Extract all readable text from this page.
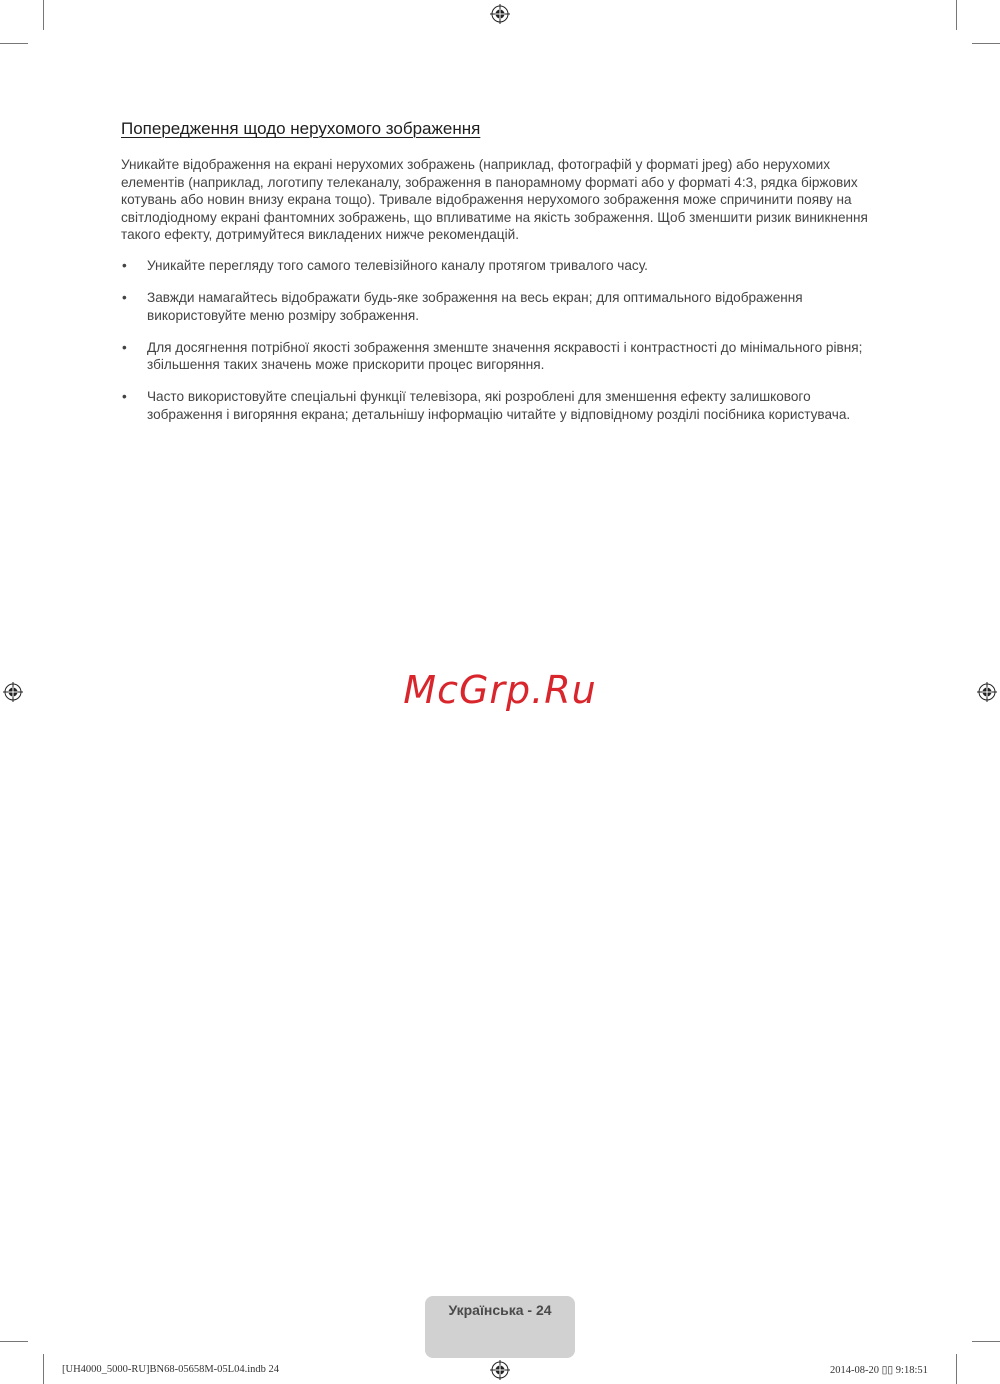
Попередження щодо нерухомого зображення

Уникайте відображення на екрані нерухомих зображень (наприклад, фотографій у форматі jpeg) або нерухомих елементів (наприклад, логотипу телеканалу, зображення в панорамному форматі або у форматі 4:3, рядка біржових котувань або новин внизу екрана тощо). Тривале відображення нерухомого зображення може спричинити появу на світлодіодному екрані фантомних зображень, що впливатиме на якість зображення. Щоб зменшити ризик виникнення такого ефекту, дотримуйтеся викладених нижче рекомендацій.

• Уникайте перегляду того самого телевізійного каналу протягом тривалого часу.
• Завжди намагайтесь відображати будь-яке зображення на весь екран; для оптимального відображення використовуйте меню розміру зображення.
• Для досягнення потрібної якості зображення зменште значення яскравості і контрастності до мінімального рівня; збільшення таких значень може прискорити процес вигоряння.
• Часто використовуйте спеціальні функції телевізора, які розроблені для зменшення ефекту залишкового зображення і вигоряння екрана; детальнішу інформацію читайте у відповідному розділі посібника користувача.
McGrp.Ru
Українська - 24
[UH4000_5000-RU]BN68-05658M-05L04.indb 24	2014-08-20 ▯▯ 9:18:51
